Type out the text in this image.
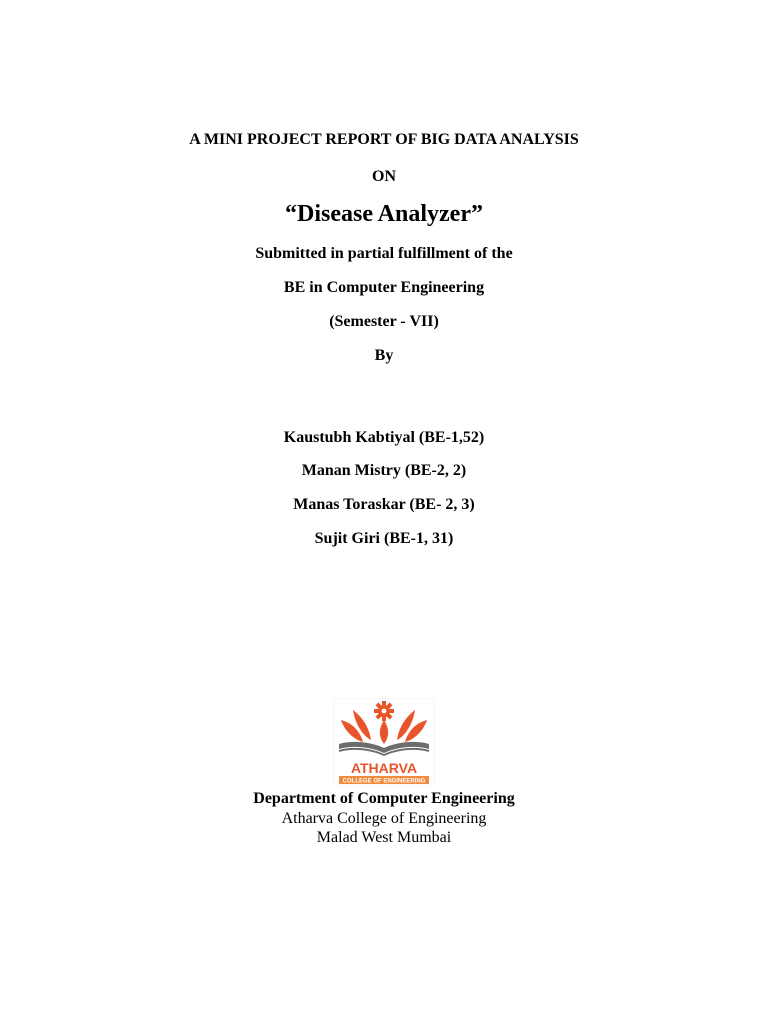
A MINI PROJECT REPORT OF BIG DATA ANALYSIS
ON
“Disease Analyzer”
Submitted in partial fulfillment of the
BE in Computer Engineering
(Semester - VII)
By
Kaustubh Kabtiyal (BE-1,52)
Manan Mistry (BE-2, 2)
Manas Toraskar (BE- 2, 3)
Sujit Giri (BE-1, 31)
ATHARVA
COLLEGE OF ENGINEERING
Department of Computer Engineering
Atharva College of Engineering
Malad West Mumbai
